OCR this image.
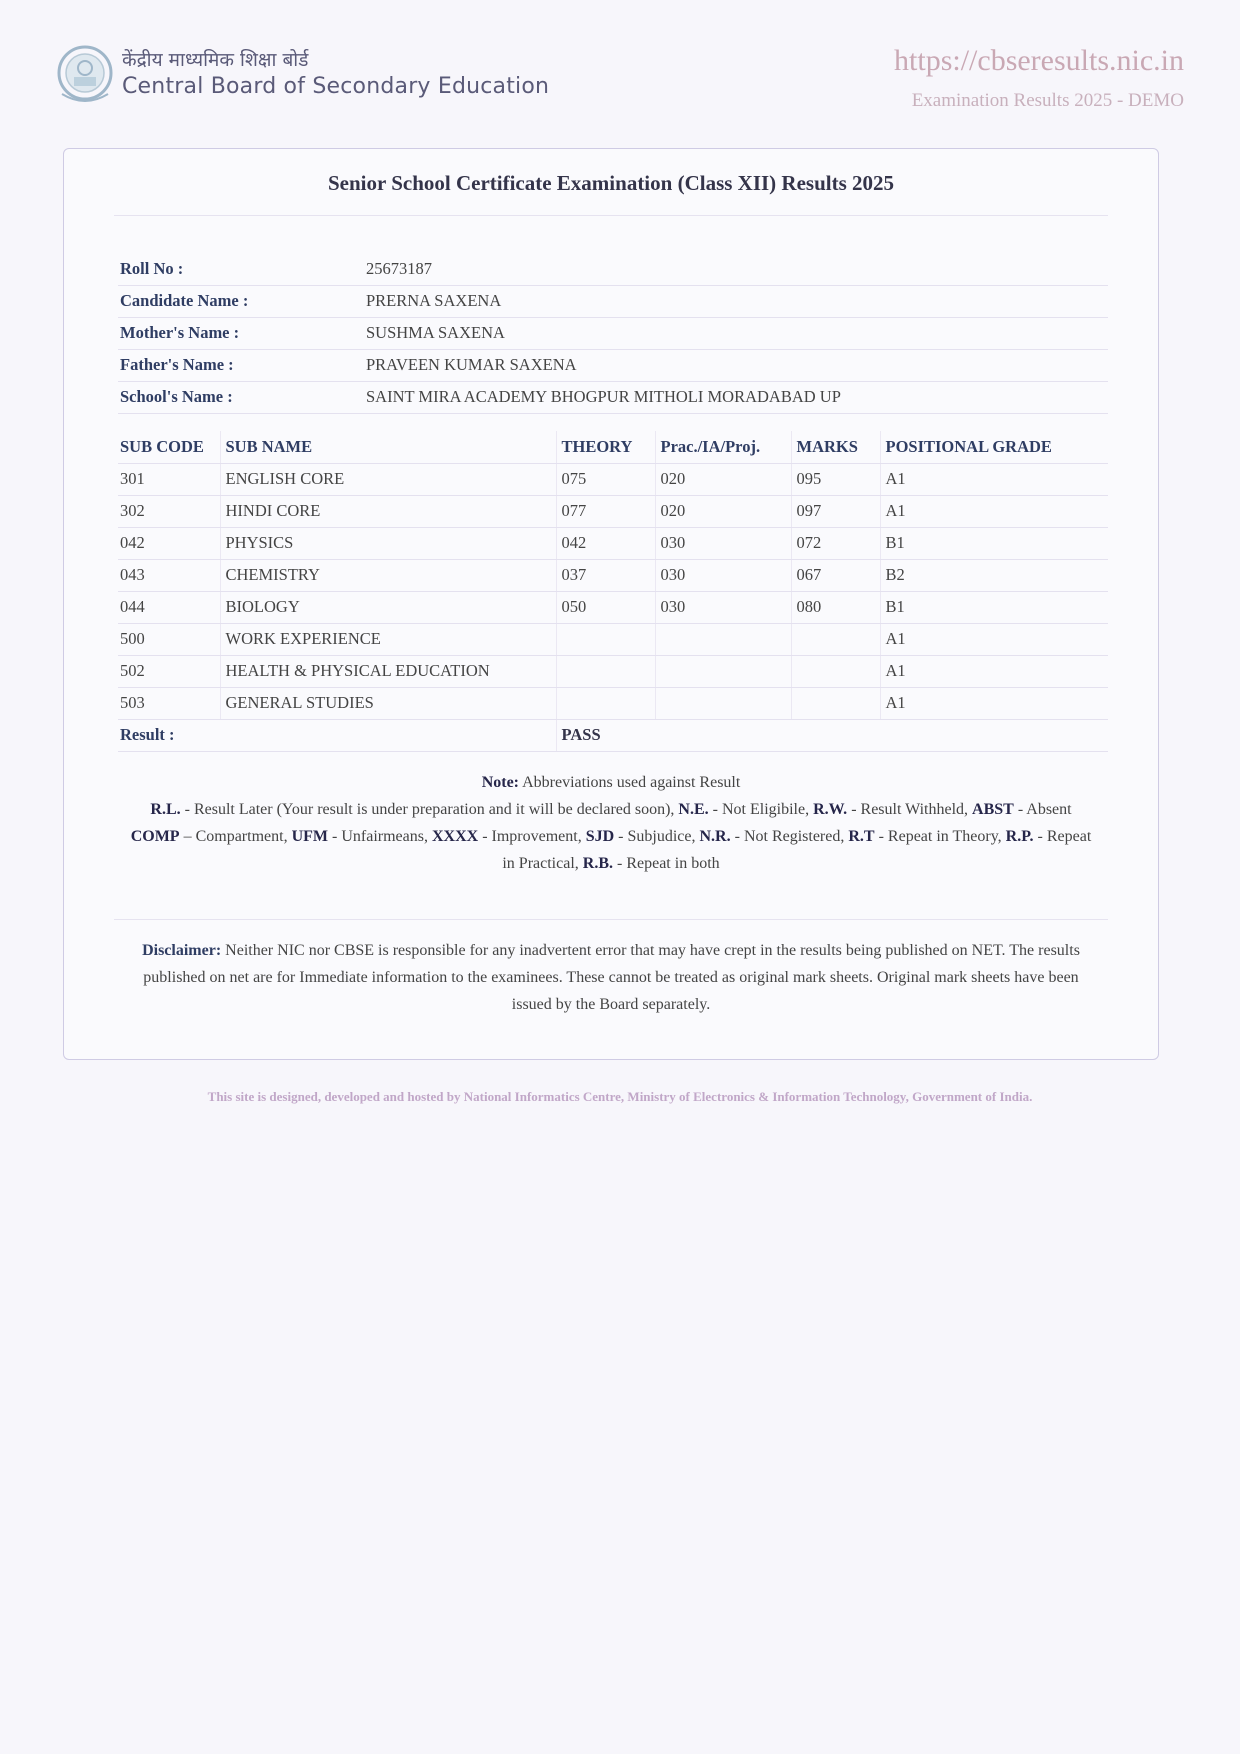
केंद्रीय माध्यमिक शिक्षा बोर्ड
Central Board of Secondary Education
https://cbseresults.nic.in
Examination Results 2025 - DEMO
Senior School Certificate Examination (Class XII) Results 2025
Roll No :	25673187
Candidate Name :	PRERNA SAXENA
Mother's Name :	SUSHMA SAXENA
Father's Name :	PRAVEEN KUMAR SAXENA
School's Name :	SAINT MIRA ACADEMY BHOGPUR MITHOLI MORADABAD UP
SUB CODE	SUB NAME	THEORY	Prac./IA/Proj.	MARKS	POSITIONAL GRADE
301	ENGLISH CORE	075	020	095	A1
302	HINDI CORE	077	020	097	A1
042	PHYSICS	042	030	072	B1
043	CHEMISTRY	037	030	067	B2
044	BIOLOGY	050	030	080	B1
500	WORK EXPERIENCE				A1
502	HEALTH & PHYSICAL EDUCATION				A1
503	GENERAL STUDIES				A1
Result :		PASS			
Note: Abbreviations used against Result
R.L. - Result Later (Your result is under preparation and it will be declared soon), N.E. - Not Eligibile, R.W. - Result Withheld, ABST - Absent
COMP – Compartment, UFM - Unfairmeans, XXXX - Improvement, SJD - Subjudice, N.R. - Not Registered, R.T - Repeat in Theory, R.P. - Repeat in Practical, R.B. - Repeat in both
Disclaimer: Neither NIC nor CBSE is responsible for any inadvertent error that may have crept in the results being published on NET. The results published on net are for Immediate information to the examinees. These cannot be treated as original mark sheets. Original mark sheets have been issued by the Board separately.
This site is designed, developed and hosted by National Informatics Centre, Ministry of Electronics & Information Technology, Government of India.
